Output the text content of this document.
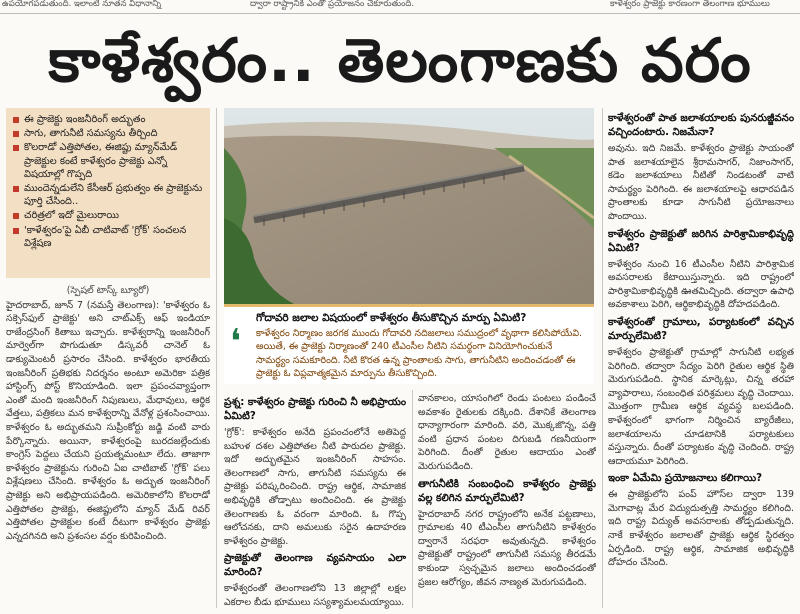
ఉపయోగపడుతుంది. ఇలాంటి నూతన విధానాన్ని	ద్వారా రాష్ట్రానికి ఎంతో ప్రయోజనం చేకూరుతుంది.	కాళేశ్వరం ప్రాజెక్టు కారణంగా తెలంగాణ భూములు
కాళేశ్వరం.. తెలంగాణకు వరం
ఈ ప్రాజెక్టు ఇంజనీరింగ్ అద్భుతం
సాగు, తాగునీటి సమస్యను తీర్చింది
కొలరాడో ఎత్తిపోతల, ఈజిప్టు మ్యాన్‌మేడ్ ప్రాజెక్టుల కంటే కాళేశ్వరం ప్రాజెక్టు ఎన్నో విషయాల్లో గొప్పది
ముందెన్నడులేని కేసీఆర్ ప్రభుత్వం ఈ ప్రాజెక్టును పూర్తి చేసింది..
చరిత్రలో ఇదో మైలురాయి
'కాళేశ్వరం'పై ఏబీ చాటివాట్ 'గ్రోక్' సంచలన విశ్లేషణ
❛
గోదావరి జలాల విషయంలో కాళేశ్వరం తీసుకొచ్చిన మార్పు ఏమిటి?
కాళేశ్వరం నిర్మాణం జరగక ముందు గోదావరి నదిజలాలు సముద్రంలో వృథాగా కలిసిపోయేవి. అయితే, ఈ ప్రాజెక్టు నిర్మాణంతో 240 టీఎంసీల నీటిని సమర్థంగా వినియోగించుకునే సామర్థ్యం సమకూరింది. నీటి కొరత ఉన్న ప్రాంతాలకు సాగు, తాగునీటిని అందించడంతో ఈ ప్రాజెక్టు ఓ విప్లవాత్మకమైన మార్పును తీసుకొచ్చింది.

(స్పెషల్ టాస్క్ బ్యూరో)

హైదరాబాద్, జూన్ 7 (నమస్తే తెలంగాణ): 'కాళేశ్వరం ఓ సక్సెస్‌ఫుల్ ప్రాజెక్టు' అని చాట్‌ఎక్స్ ఆఫ్ ఇండియా రాజేంద్రసింగ్ కితాబు ఇచ్చారు. కాళేశ్వరాన్ని ఇంజనీరింగ్ మార్వెల్‌గా పొగుడుతూ డిస్కవరీ చానెల్ ఓ డాక్యుమెంటరీ ప్రసారం చేసింది. కాళేశ్వరం భారతీయ ఇంజనీరింగ్ ప్రతిభకు నిదర్శనం అంటూ అమెరికా పత్రిక హాస్టింగ్స్ పోస్ట్ కొనియాడింది. ఇలా ప్రపంచవ్యాప్తంగా ఎంతో మంది ఇంజనీరింగ్ నిపుణులు, మేధావులు, ఆర్థిక వేత్తలు, పత్రికలు మన కాళేశ్వరాన్ని వేనోళ్ల ప్రశంసించాయి. కాళేశ్వరం ఓ అద్భుతమని సుప్రీంకోర్టు జడ్జి వంటి వారు పేర్కొన్నారు. అయినా, కాళేశ్వరంపై బురదజల్లేందుకు కాంగ్రెస్ పెద్దలు చేయని ప్రయత్నమంటూ లేదు. తాజాగా కాళేశ్వరం ప్రాజెక్టును గురించి ఏఐ చాటిబాట్ 'గ్రోక్' పలు విశ్లేషణలు చేసింది. కాళేశ్వరం ఓ అద్భుత ఇంజనీరింగ్ ప్రాజెక్టు అని అభిప్రాయపడింది. అమెరికాలోని కొలరాడో ఎత్తిపోతల ప్రాజెక్టు, ఈజిప్టులోని మ్యాన్ మేడ్ రివర్ ఎత్తిపోతల ప్రాజెక్టుల కంటే దీటుగా కాళేశ్వరం ప్రాజెక్టు ఎన్నదగినది అని ప్రశంసల వర్షం కురిపించింది.

ప్రశ్న: కాళేశ్వరం ప్రాజెక్టు గురించి నీ అభిప్రాయం ఏమిటి?

'గ్రోక్': కాళేశ్వరం అనేది ప్రపంచంలోనే అతిపెద్ద బహుళ దశల ఎత్తిపోతల నీటి పారుదల ప్రాజెక్టు. ఇదో అద్భుతమైన ఇంజనీరింగ్ సాహసం. తెలంగాణలో సాగు, తాగునీటి సమస్యను ఈ ప్రాజెక్టు పరిష్కరించింది. రాష్ట్ర ఆర్థిక, సామాజిక అభివృద్ధికి తోడ్పాటు అందించింది. ఈ ప్రాజెక్టు తెలంగాణకు ఓ వరంగా మారింది. ఓ గొప్ప ఆలోచనకు, దాని అమలుకు సరైన ఉదాహరణ కాళేశ్వరం ప్రాజెక్టు.

ప్రాజెక్టుతో తెలంగాణ వ్యవసాయం ఎలా మారింది?

కాళేశ్వరంతో తెలంగాణలోని 13 జిల్లాల్లో లక్షల ఎకరాల బీడు భూములు సస్యశ్యామలమయ్యాయి.

వానకాలం, యాసంగిలో రెండు పంటలు పండించే అవకాశం రైతులకు దక్కింది. దేశానికే తెలంగాణ ధాన్యాగారంగా మారింది. వరి, మొక్కజొన్న, పత్తి వంటి ప్రధాన పంటల దిగుబడి గణనీయంగా పెరిగింది. దీంతో రైతుల ఆదాయం ఎంతో మెరుగుపడింది.

తాగునీటికి సంబంధించి కాళేశ్వరం ప్రాజెక్టు వల్ల కలిగిన మార్పులేమిటి?

హైదరాబాద్ నగర రాష్ట్రంలోని అనేక పట్టణాలు, గ్రామాలకు 40 టీఎంసీల తాగునీటిని కాళేశ్వరం ద్వారానే సరఫరా అవుతున్నది. కాళేశ్వరం ప్రాజెక్టుతో రాష్ట్రంలో తాగునీటి సమస్య తీరడమే కాకుండా స్వచ్ఛమైన జలాలు అందించడంతో ప్రజల ఆరోగ్యం, జీవన నాణ్యత మెరుగుపడింది.

కాళేశ్వరంతో పాత జలాశయాలకు పునరుజ్జీవనం వచ్చిందంటారు. నిజమేనా?

అవును. ఇది నిజమే. కాళేశ్వరం ప్రాజెక్టు సాయంతో పాత జలాశయాలైన శ్రీరామసాగర్, నిజాంసాగర్, కడెం జలాశయాలు నీటితో నిండటంతో వాటి సామర్థ్యం పెరిగింది. ఈ జలాశయాలపై ఆధారపడిన ప్రాంతాలకు కూడా సాగునీటి ప్రయోజనాలు పొందాయి.

కాళేశ్వరం ప్రాజెక్టుతో జరిగిన పారిశ్రామికాభివృద్ధి ఏమిటి?

కాళేశ్వరం నుంచి 16 టీఎంసీల నీటిని పారిశ్రామిక అవసరాలకు కేటాయిస్తున్నారు. ఇది రాష్ట్రంలో పారిశ్రామికాభివృద్ధికి ఊతమిచ్చింది. తద్వారా ఉపాధి అవకాశాలు పెరిగి, ఆర్థికాభివృద్ధికి దోహదపడింది.

కాళేశ్వరంతో గ్రామాలు, పర్యాటకంలో వచ్చిన మార్పులేమిటి?

కాళేశ్వరం ప్రాజెక్టుతో గ్రామాల్లో సాగునీటి లభ్యత పెరిగింది. తద్వారా సేద్యం పెరిగి రైతుల ఆర్థిక స్థితి మెరుగుపడింది. స్థానిక మార్కెట్లు, చిన్న తరహా వ్యాపారాలు, సంబంధిత పరిశ్రమలు వృద్ధి చెందాయి. మొత్తంగా గ్రామీణ ఆర్థిక వ్యవస్థ బలపడింది. కాళేశ్వరంలో భాగంగా నిర్మించిన బ్యారేజీలు, జలాశయాలను చూడటానికి పర్యాటకులు వస్తున్నారు. దీంతో పర్యాటకం వృద్ధి చెందింది. రాష్ట్ర ఆదాయమూ పెరిగింది.

ఇంకా ఏమేమి ప్రయోజనాలు కలిగాయి?

ఈ ప్రాజెక్టులోని పంప్ హౌస్‌ల ద్వారా 139 మెగావాట్ల మేర విద్యుదుత్పత్తి సామర్థ్యం కలిగింది. ఇది రాష్ట్ర విద్యుత్ అవసరాలకు తోడ్పడుతున్నది. నాకే కాళేశ్వరం జలాలతో ప్రాజెక్టు ఆర్థిక స్థిరత్వం ఏర్పడింది. రాష్ట్ర ఆర్థిక, సామాజిక అభివృద్ధికి దోహదం చేసింది.
